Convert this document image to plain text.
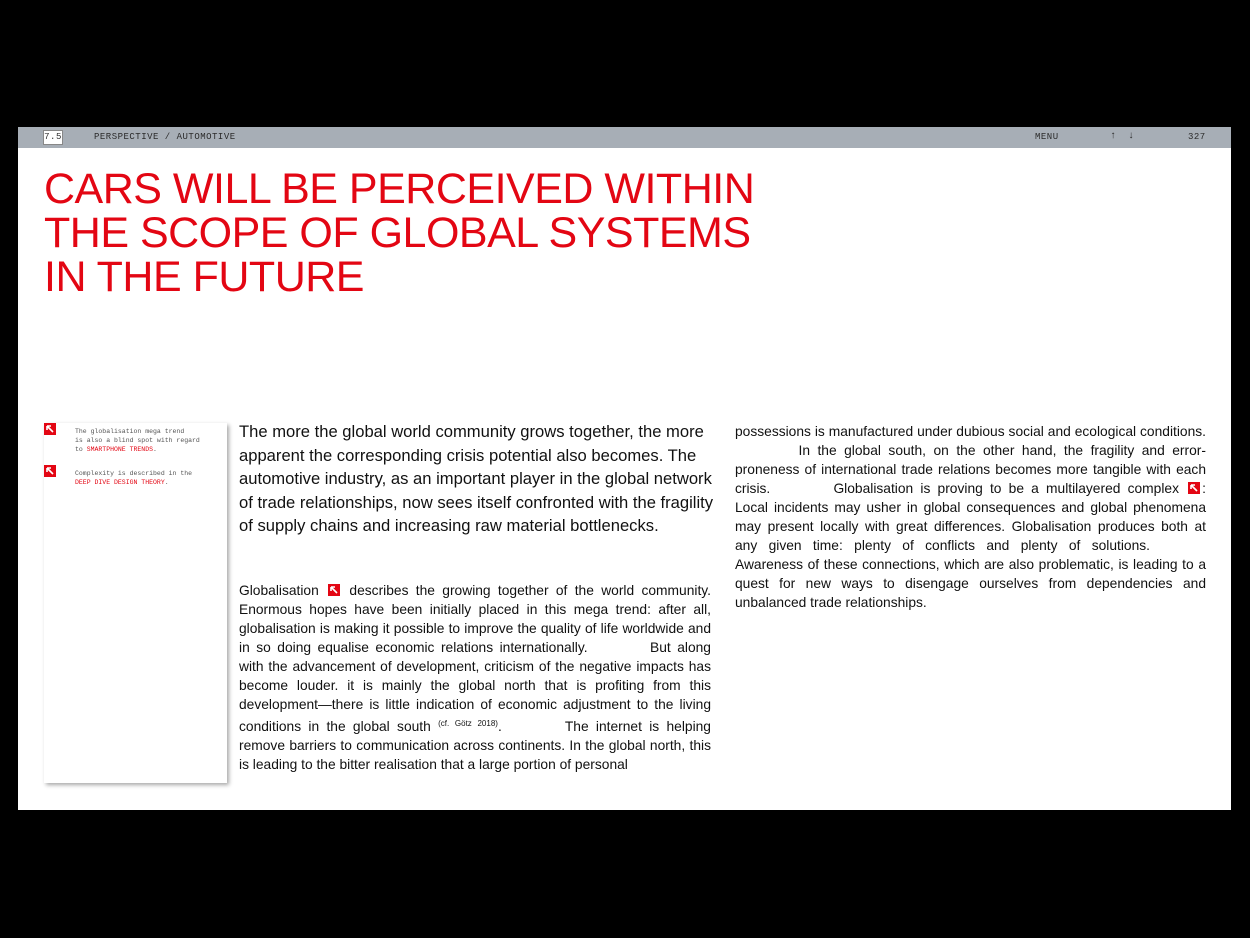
7.5	PERSPECTIVE / AUTOMOTIVE	MENU	↑ ↓	327
CARS WILL BE PERCEIVED WITHIN
THE SCOPE OF GLOBAL SYSTEMS
IN THE FUTURE
The globalisation mega trend
is also a blind spot with regard
to SMARTPHONE TRENDS.
Complexity is described in the
DEEP DIVE DESIGN THEORY.
The more the global world community grows together, the more apparent the corresponding crisis potential also becomes. The automotive industry, as an important player in the global network of trade relationships, now sees itself confronted with the fragility of supply chains and increasing raw material bottlenecks.
Globalisation describes the growing together of the world community. Enormous hopes have been initially placed in this mega trend: after all, globalisation is making it possible to improve the quality of life worldwide and in so doing equalise economic relations internationally.	But along with the advancement of development, criticism of the negative impacts has become louder. it is mainly the global north that is profiting from this development—there is little indication of economic adjustment to the living conditions in the global south $^{(cf. Götz 2018)}$.	The internet is helping remove barriers to communication across continents. In the global north, this is leading to the bitter realisation that a large portion of personal
possessions is manufactured under dubious social and ecological conditions. In the global south, on the other hand, the fragility and error-proneness of international trade relations becomes more tangible with each crisis.	Globalisation is proving to be a multilayered complex : Local incidents may usher in global consequences and global phenomena may present locally with great differences. Globalisation produces both at any given time: plenty of conflicts and plenty of solutions. Awareness of these connections, which are also problematic, is leading to a quest for new ways to disengage ourselves from dependencies and unbalanced trade relationships.
